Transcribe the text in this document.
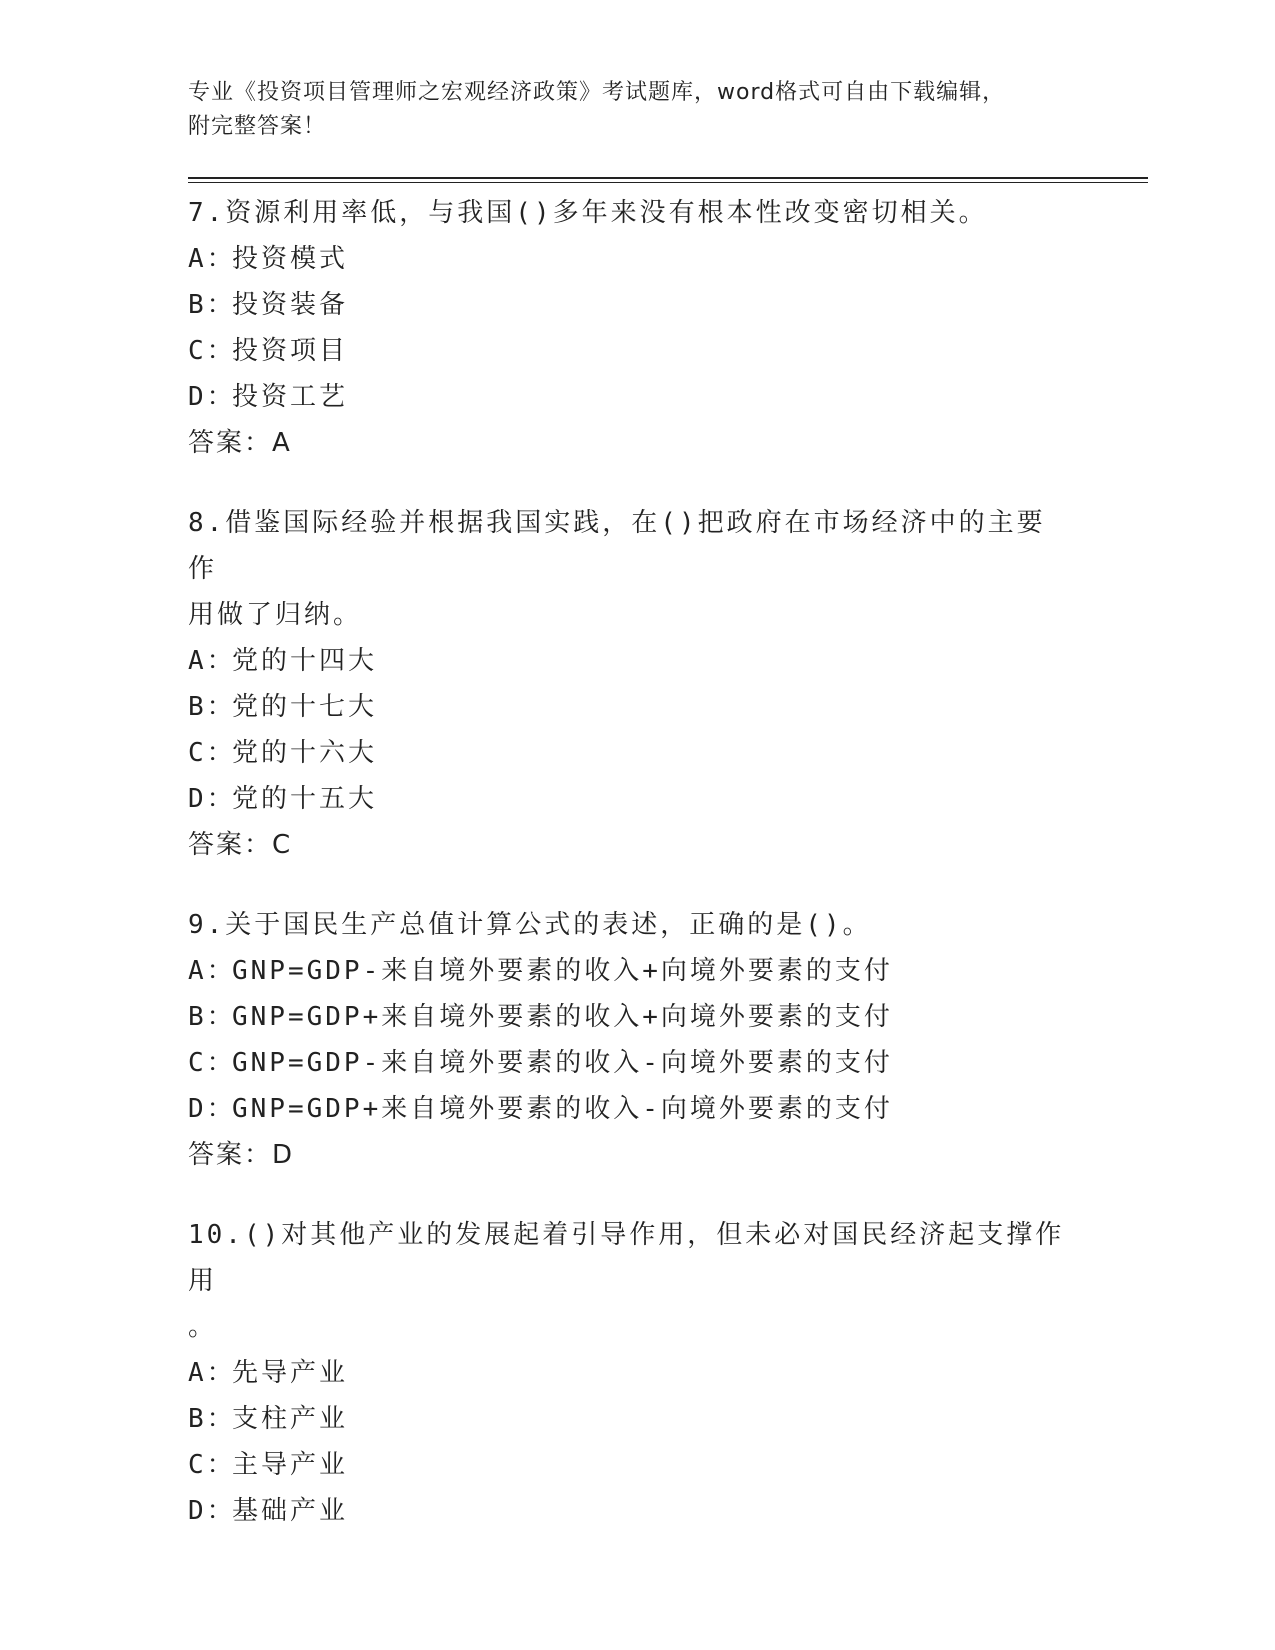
专业《投资项目管理师之宏观经济政策》考试题库，word格式可自由下载编辑，
附完整答案！
7.资源利用率低，与我国()多年来没有根本性改变密切相关。
A：投资模式
B：投资装备
C：投资项目
D：投资工艺
答案：A
8.借鉴国际经验并根据我国实践，在()把政府在市场经济中的主要作
用做了归纳。
A：党的十四大
B：党的十七大
C：党的十六大
D：党的十五大
答案：C
9.关于国民生产总值计算公式的表述，正确的是()。
A：GNP=GDP-来自境外要素的收入+向境外要素的支付
B：GNP=GDP+来自境外要素的收入+向境外要素的支付
C：GNP=GDP-来自境外要素的收入-向境外要素的支付
D：GNP=GDP+来自境外要素的收入-向境外要素的支付
答案：D
10.()对其他产业的发展起着引导作用，但未必对国民经济起支撑作用
。
A：先导产业
B：支柱产业
C：主导产业
D：基础产业
